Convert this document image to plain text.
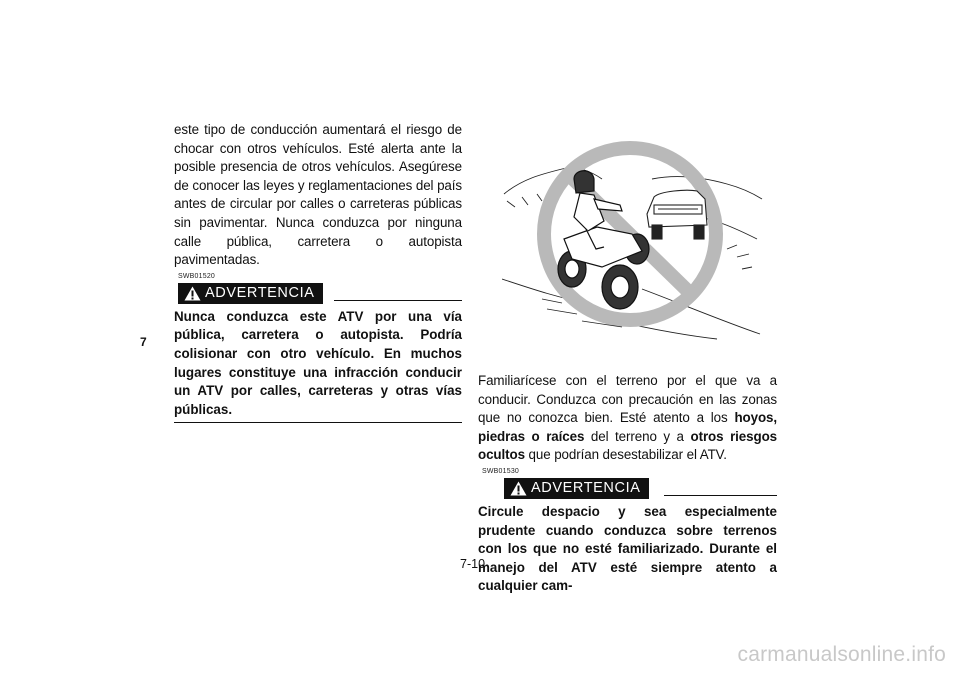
7

este tipo de conducción aumentará el riesgo de chocar con otros vehículos. Esté alerta ante la posible presencia de otros vehículos. Asegúrese de conocer las leyes y reglamentaciones del país antes de circular por calles o carreteras públicas sin pavimentar. Nunca conduzca por ninguna calle pública, carretera o autopista pavimentadas.

SWB01520
ADVERTENCIA

Nunca conduzca este ATV por una vía pública, carretera o autopista. Podría colisionar con otro vehículo. En muchos lugares constituye una infracción conducir un ATV por calles, carreteras y otras vías públicas.

Familiarícese con el terreno por el que va a conducir. Conduzca con precaución en las zonas que no conozca bien. Esté atento a los hoyos, piedras o raíces del terreno y a otros riesgos ocultos que podrían desestabilizar el ATV.

SWB01530
ADVERTENCIA

Circule despacio y sea especialmente prudente cuando conduzca sobre terrenos con los que no esté familiarizado. Durante el manejo del ATV esté siempre atento a cualquier cam-

7-10
carmanualsonline.info
